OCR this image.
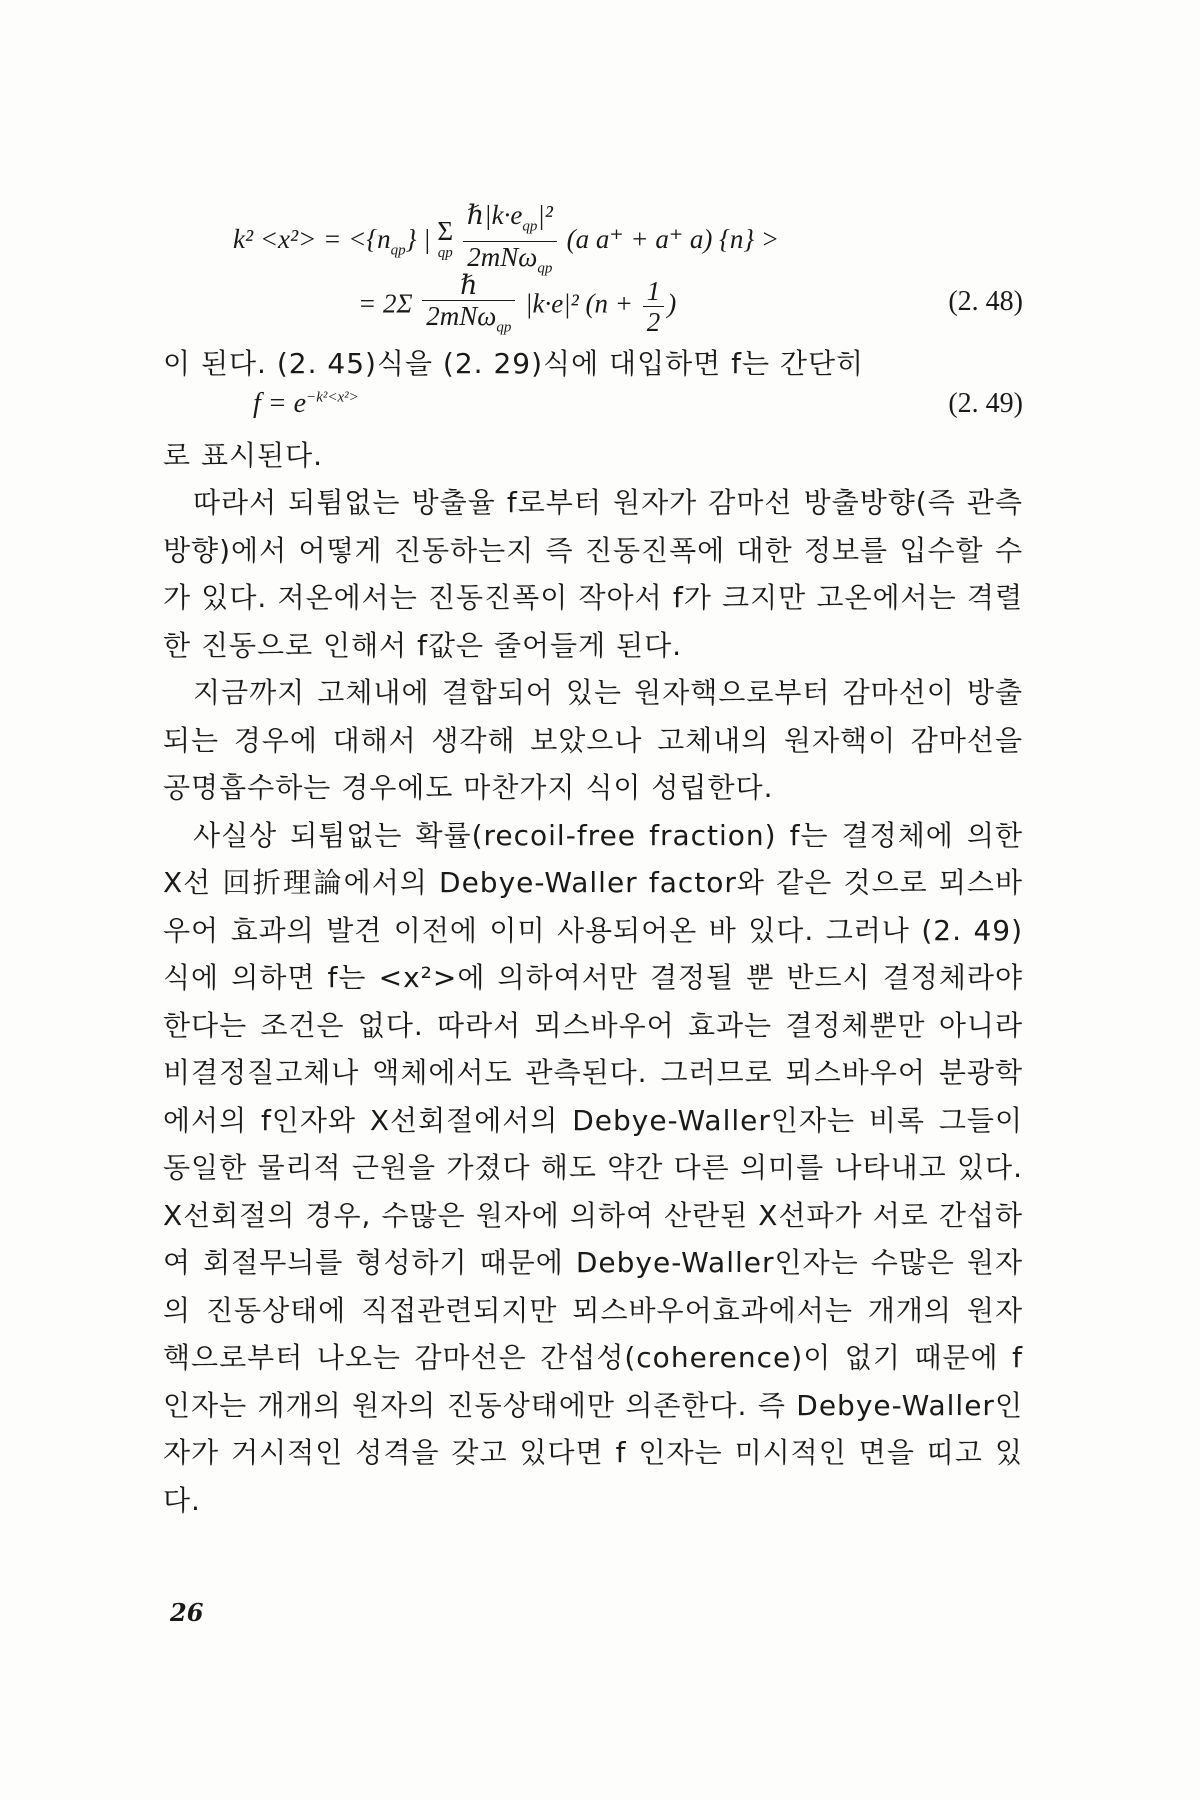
$k^2 <x^2> = <\{n_{qp}\}$ | Σ
qp
$\frac{\hbar|k\cdot e_{qp}|^2}{2mN\omega_{qp}} (a$ a⁺ + a⁺ a) {n} >
= $2\Sigma \frac{\text{ℏ}}{2mN\omega_{qp}} |k\cdot e|^2$ ($n + \frac{1}{2}$ )	(2. 48)

이 된다. (2. 45)식을 (2. 29)식에 대입하면 f는 간단히

$f = e^{-k^2<x^2>}$	(2. 49)

로 표시된다.

따라서 되튐없는 방출율 f로부터 원자가 감마선 방출방향(즉 관측방향)에서 어떻게 진동하는지 즉 진동진폭에 대한 정보를 입수할 수가 있다. 저온에서는 진동진폭이 작아서 f가 크지만 고온에서는 격렬한 진동으로 인해서 f값은 줄어들게 된다.

지금까지 고체내에 결합되어 있는 원자핵으로부터 감마선이 방출되는 경우에 대해서 생각해 보았으나 고체내의 원자핵이 감마선을 공명흡수하는 경우에도 마찬가지 식이 성립한다.

사실상 되튐없는 확률(recoil-free fraction) f는 결정체에 의한 X선 回折理論에서의 Debye-Waller factor와 같은 것으로 뫼스바우어 효과의 발견 이전에 이미 사용되어온 바 있다. 그러나 (2. 49)식에 의하면 f는 <x²>에 의하여서만 결정될 뿐 반드시 결정체라야 한다는 조건은 없다. 따라서 뫼스바우어 효과는 결정체뿐만 아니라 비결정질고체나 액체에서도 관측된다. 그러므로 뫼스바우어 분광학에서의 f인자와 X선회절에서의 Debye-Waller인자는 비록 그들이 동일한 물리적 근원을 가졌다 해도 약간 다른 의미를 나타내고 있다. X선회절의 경우, 수많은 원자에 의하여 산란된 X선파가 서로 간섭하여 회절무늬를 형성하기 때문에 Debye-Waller인자는 수많은 원자의 진동상태에 직접관련되지만 뫼스바우어효과에서는 개개의 원자핵으로부터 나오는 감마선은 간섭성(coherence)이 없기 때문에 f인자는 개개의 원자의 진동상태에만 의존한다. 즉 Debye-Waller인자가 거시적인 성격을 갖고 있다면 f 인자는 미시적인 면을 띠고 있다.

26
